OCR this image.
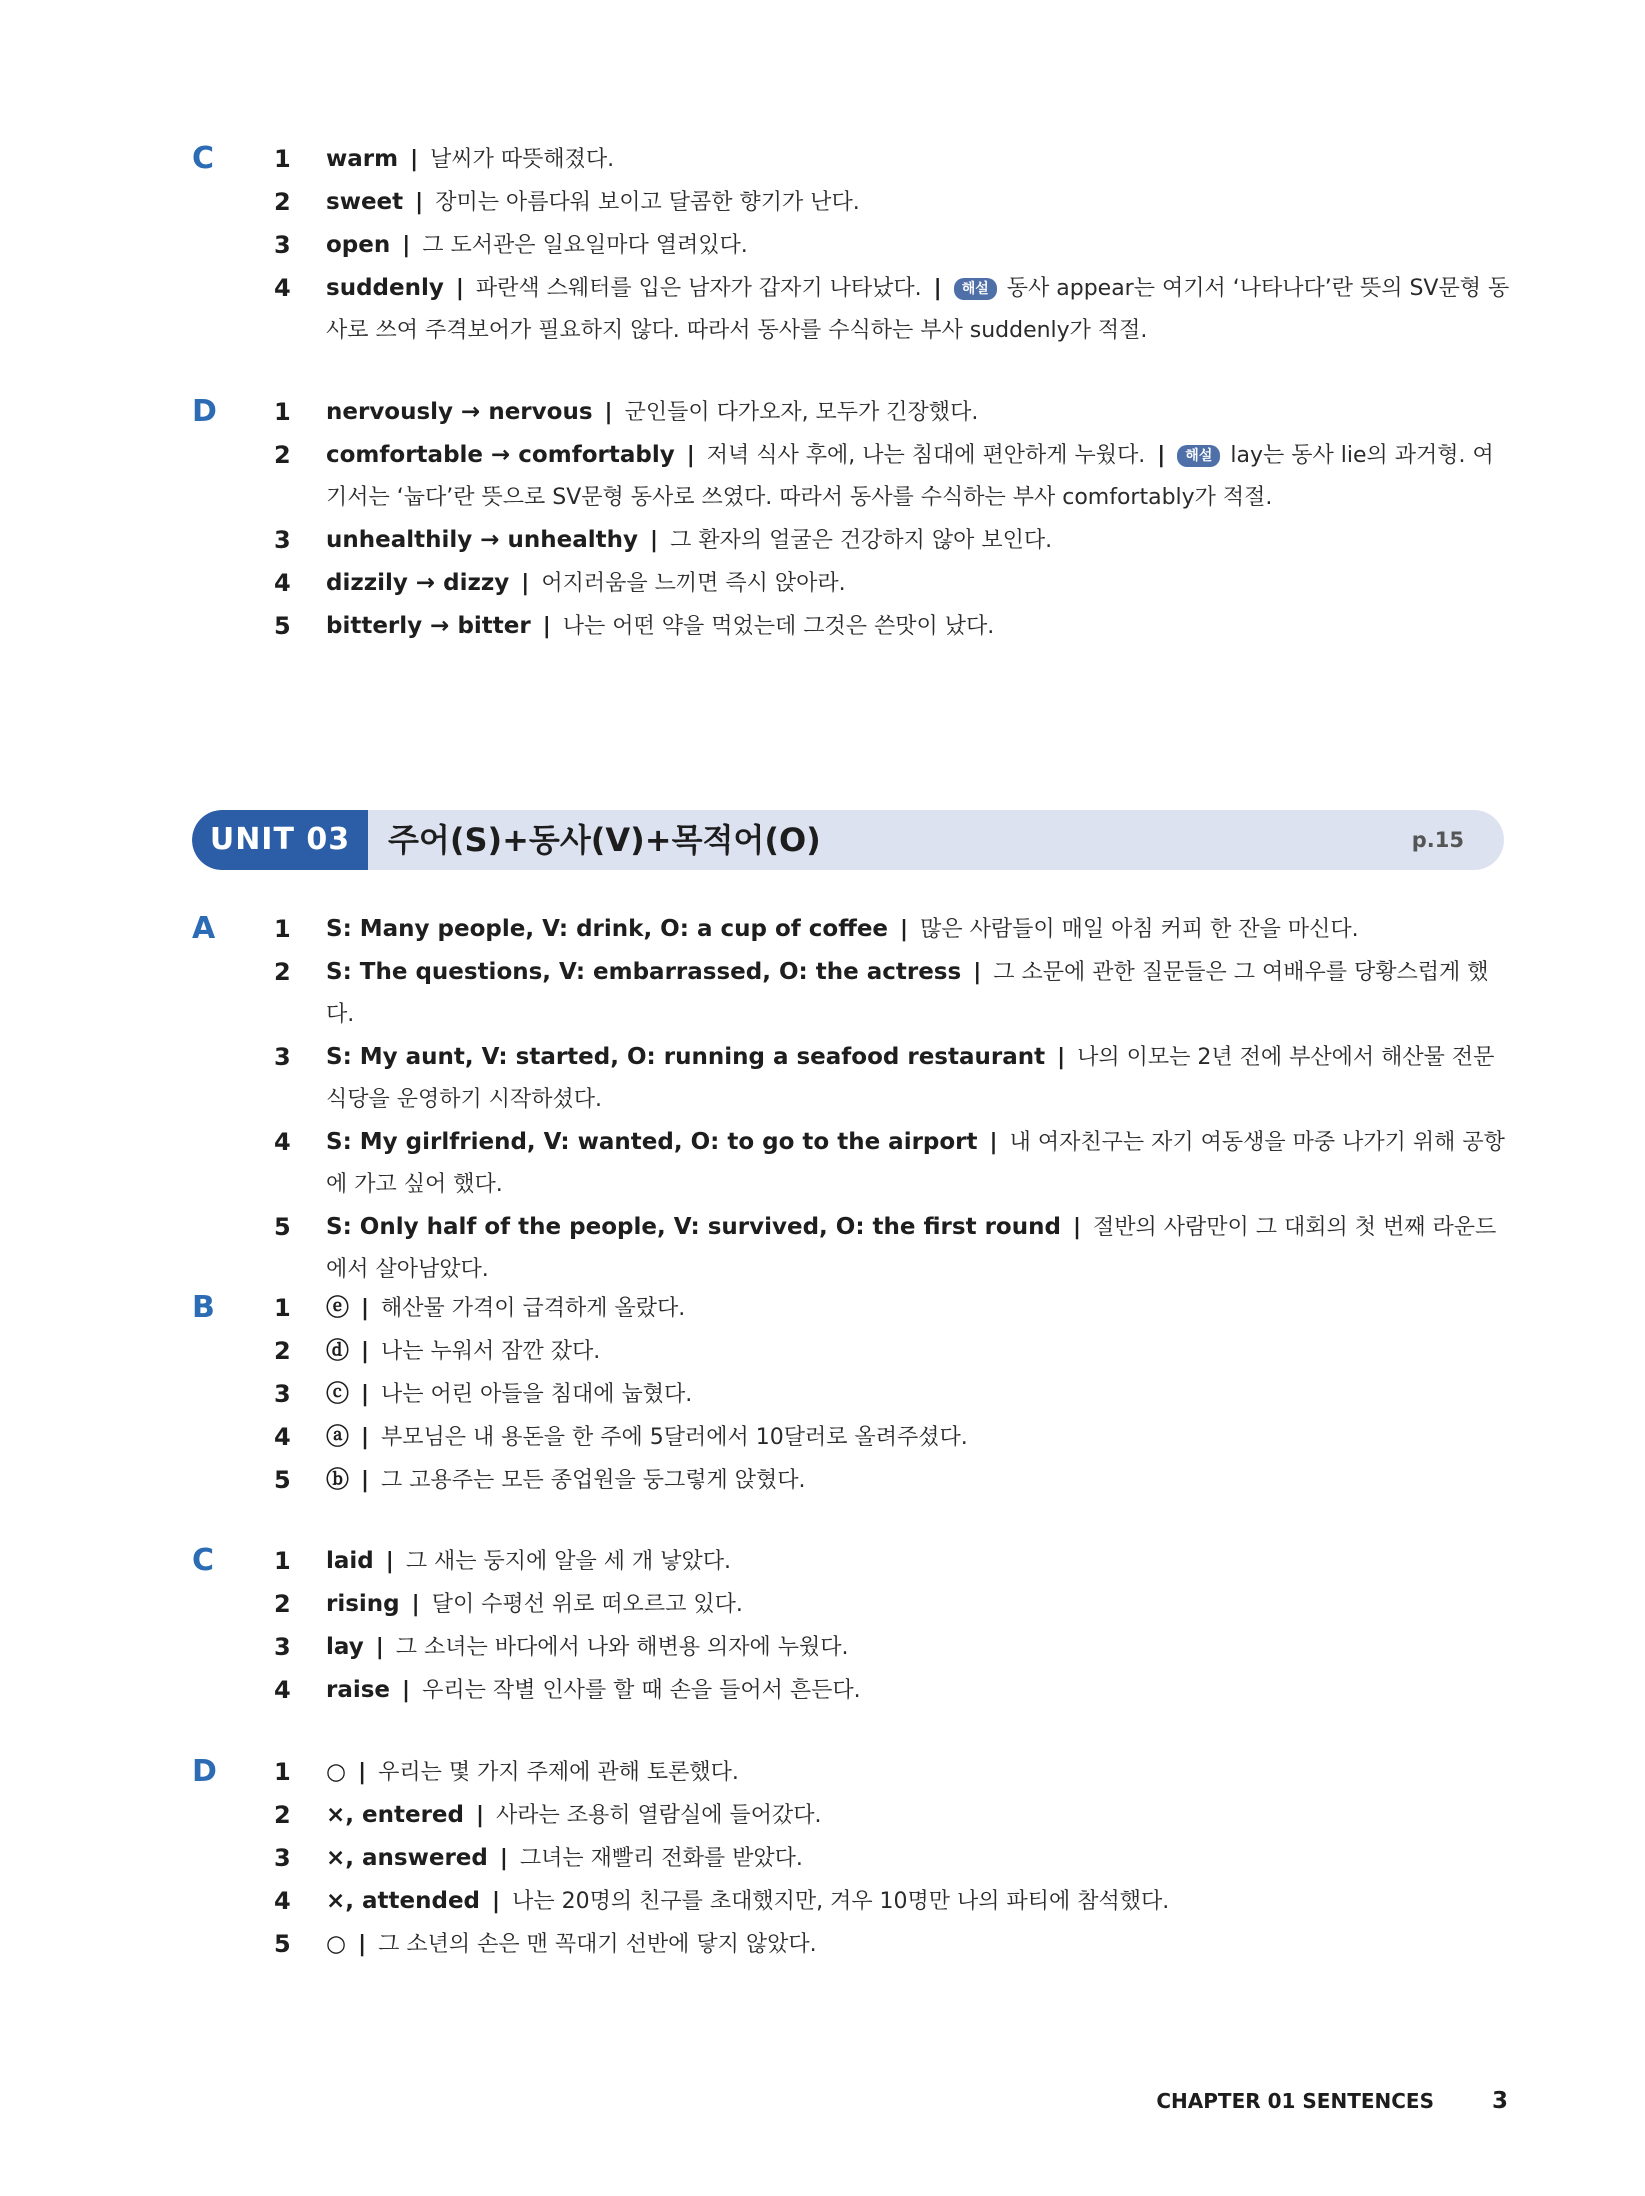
C 1 warm | 날씨가 따뜻해졌다.
2 sweet | 장미는 아름다워 보이고 달콤한 향기가 난다.
3 open | 그 도서관은 일요일마다 열려있다.
4 suddenly | 파란색 스웨터를 입은 남자가 갑자기 나타났다. | 해설 동사 appear는 여기서 ‘나타나다’란 뜻의 SV문형 동사로 쓰여 주격보어가 필요하지 않다. 따라서 동사를 수식하는 부사 suddenly가 적절.
D 1 nervously → nervous | 군인들이 다가오자, 모두가 긴장했다.
2 comfortable → comfortably | 저녁 식사 후에, 나는 침대에 편안하게 누웠다. | 해설 lay는 동사 lie의 과거형. 여기서는 ‘눕다’란 뜻으로 SV문형 동사로 쓰였다. 따라서 동사를 수식하는 부사 comfortably가 적절.
3 unhealthily → unhealthy | 그 환자의 얼굴은 건강하지 않아 보인다.
4 dizzily → dizzy | 어지러움을 느끼면 즉시 앉아라.
5 bitterly → bitter | 나는 어떤 약을 먹었는데 그것은 쓴맛이 났다.
UNIT 03	주어(S)+동사(V)+목적어(O)	p.15
A 1 S: Many people, V: drink, O: a cup of coffee | 많은 사람들이 매일 아침 커피 한 잔을 마신다.
2 S: The questions, V: embarrassed, O: the actress | 그 소문에 관한 질문들은 그 여배우를 당황스럽게 했다.
3 S: My aunt, V: started, O: running a seafood restaurant | 나의 이모는 2년 전에 부산에서 해산물 전문 식당을 운영하기 시작하셨다.
4 S: My girlfriend, V: wanted, O: to go to the airport | 내 여자친구는 자기 여동생을 마중 나가기 위해 공항에 가고 싶어 했다.
5 S: Only half of the people, V: survived, O: the first round | 절반의 사람만이 그 대회의 첫 번째 라운드에서 살아남았다.
B 1 ⓔ | 해산물 가격이 급격하게 올랐다.
2 ⓓ | 나는 누워서 잠깐 잤다.
3 ⓒ | 나는 어린 아들을 침대에 눕혔다.
4 ⓐ | 부모님은 내 용돈을 한 주에 5달러에서 10달러로 올려주셨다.
5 ⓑ | 그 고용주는 모든 종업원을 둥그렇게 앉혔다.
C 1 laid | 그 새는 둥지에 알을 세 개 낳았다.
2 rising | 달이 수평선 위로 떠오르고 있다.
3 lay | 그 소녀는 바다에서 나와 해변용 의자에 누웠다.
4 raise | 우리는 작별 인사를 할 때 손을 들어서 흔든다.
D 1 ○ | 우리는 몇 가지 주제에 관해 토론했다.
2 ×, entered | 사라는 조용히 열람실에 들어갔다.
3 ×, answered | 그녀는 재빨리 전화를 받았다.
4 ×, attended | 나는 20명의 친구를 초대했지만, 겨우 10명만 나의 파티에 참석했다.
5 ○ | 그 소년의 손은 맨 꼭대기 선반에 닿지 않았다.
CHAPTER 01 SENTENCES	3
